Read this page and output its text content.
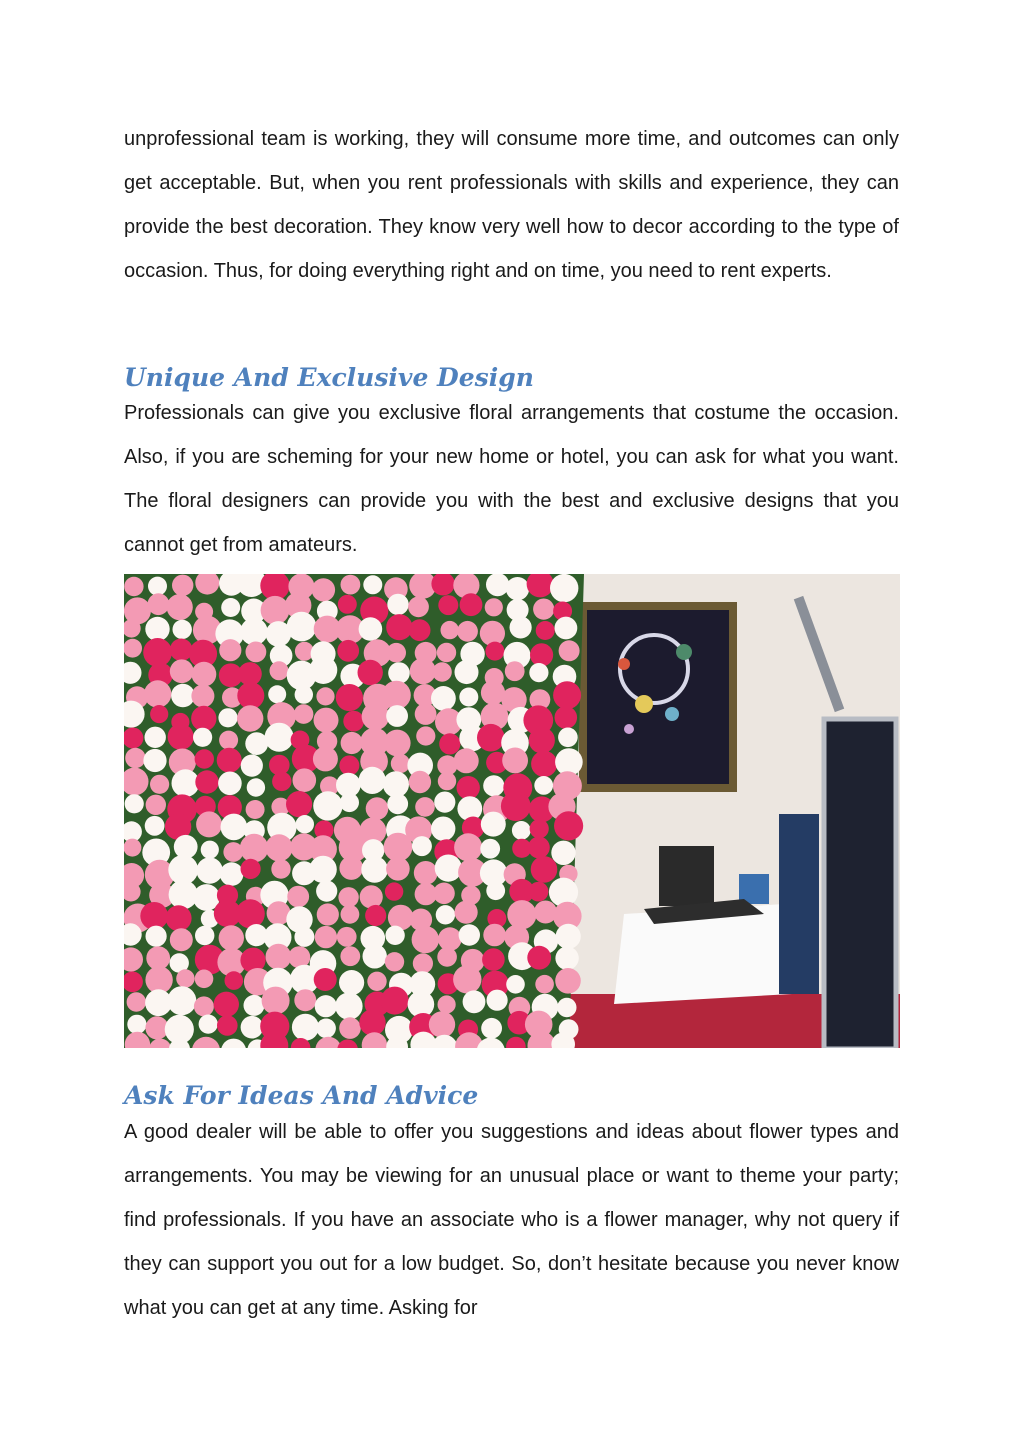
unprofessional team is working, they will consume more time, and outcomes can only get acceptable. But, when you rent professionals with skills and experience, they can provide the best decoration. They know very well how to decor according to the type of occasion. Thus, for doing everything right and on time, you need to rent experts.

Unique And Exclusive Design

Professionals can give you exclusive floral arrangements that costume the occasion. Also, if you are scheming for your new home or hotel, you can ask for what you want. The floral designers can provide you with the best and exclusive designs that you cannot get from amateurs.

Ask For Ideas And Advice

A good dealer will be able to offer you suggestions and ideas about flower types and arrangements. You may be viewing for an unusual place or want to theme your party; find professionals. If you have an associate who is a flower manager, why not query if they can support you out for a low budget. So, don’t hesitate because you never know what you can get at any time. Asking for
